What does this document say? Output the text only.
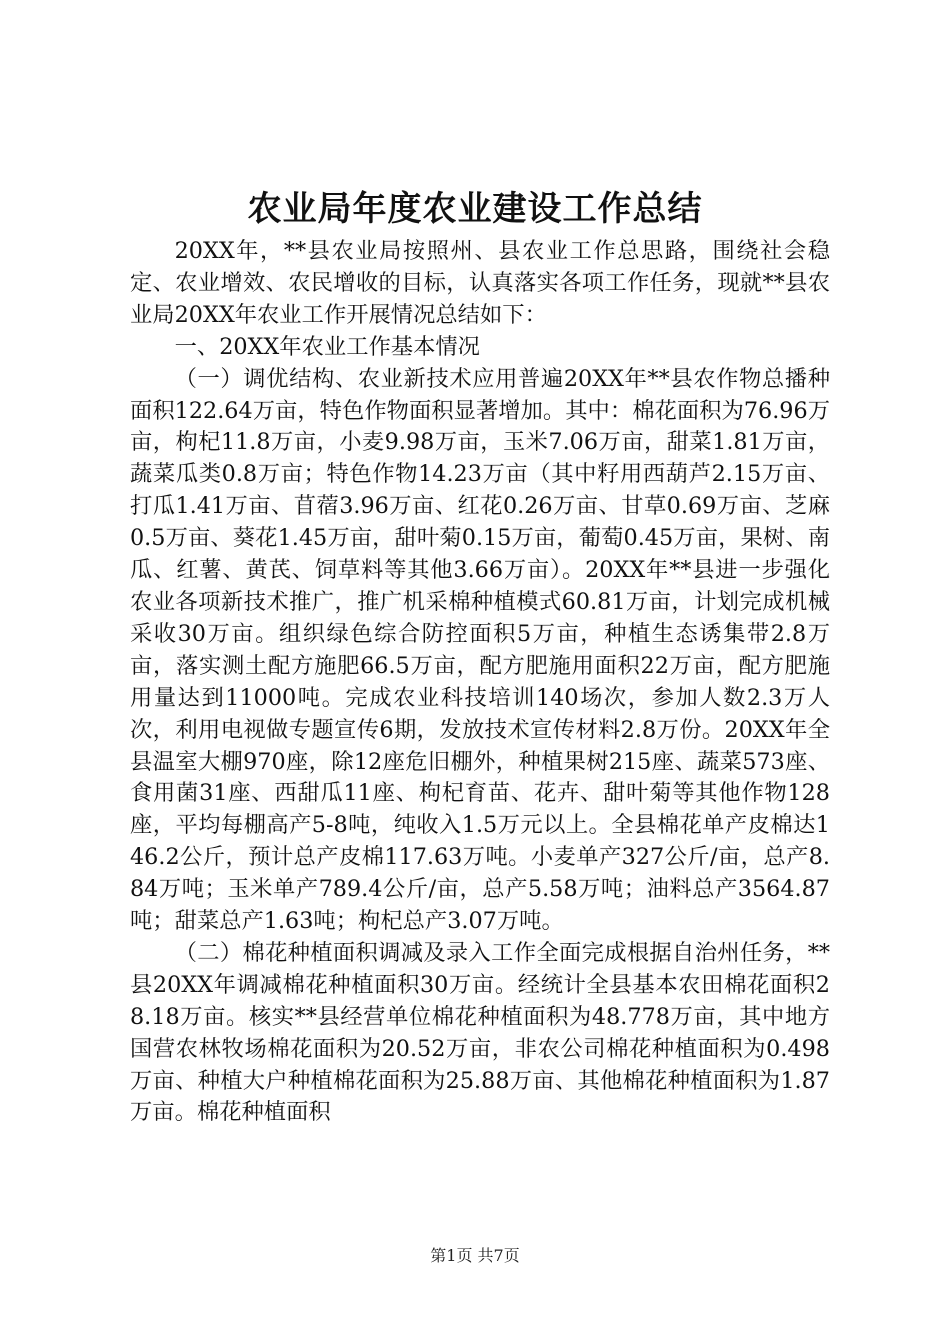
农业局年度农业建设工作总结

20XX年，**县农业局按照州、县农业工作总思路，围绕社会稳定、农业增效、农民增收的目标，认真落实各项工作任务，现就**县农业局20XX年农业工作开展情况总结如下：

一、20XX年农业工作基本情况

（一）调优结构、农业新技术应用普遍20XX年**县农作物总播种面积122.64万亩，特色作物面积显著增加。其中：棉花面积为76.96万亩，枸杞11.8万亩，小麦9.98万亩，玉米7.06万亩，甜菜1.81万亩，蔬菜瓜类0.8万亩；特色作物14.23万亩（其中籽用西葫芦2.15万亩、打瓜1.41万亩、苜蓿3.96万亩、红花0.26万亩、甘草0.69万亩、芝麻0.5万亩、葵花1.45万亩，甜叶菊0.15万亩，葡萄0.45万亩，果树、南瓜、红薯、黄芪、饲草料等其他3.66万亩）。20XX年**县进一步强化农业各项新技术推广，推广机采棉种植模式60.81万亩，计划完成机械采收30万亩。组织绿色综合防控面积5万亩，种植生态诱集带2.8万亩，落实测土配方施肥66.5万亩，配方肥施用面积22万亩，配方肥施用量达到11000吨。完成农业科技培训140场次，参加人数2.3万人次，利用电视做专题宣传6期，发放技术宣传材料2.8万份。20XX年全县温室大棚970座，除12座危旧棚外，种植果树215座、蔬菜573座、食用菌31座、西甜瓜11座、枸杞育苗、花卉、甜叶菊等其他作物128座，平均每棚高产5-8吨，纯收入1.5万元以上。全县棉花单产皮棉达146.2公斤，预计总产皮棉117.63万吨。小麦单产327公斤/亩，总产8.84万吨；玉米单产789.4公斤/亩，总产5.58万吨；油料总产3564.87吨；甜菜总产1.63吨；枸杞总产3.07万吨。

（二）棉花种植面积调减及录入工作全面完成根据自治州任务，**县20XX年调减棉花种植面积30万亩。经统计全县基本农田棉花面积28.18万亩。核实**县经营单位棉花种植面积为48.778万亩，其中地方国营农林牧场棉花面积为20.52万亩，非农公司棉花种植面积为0.498万亩、种植大户种植棉花面积为25.88万亩、其他棉花种植面积为1.87万亩。棉花种植面积

第1页 共7页
